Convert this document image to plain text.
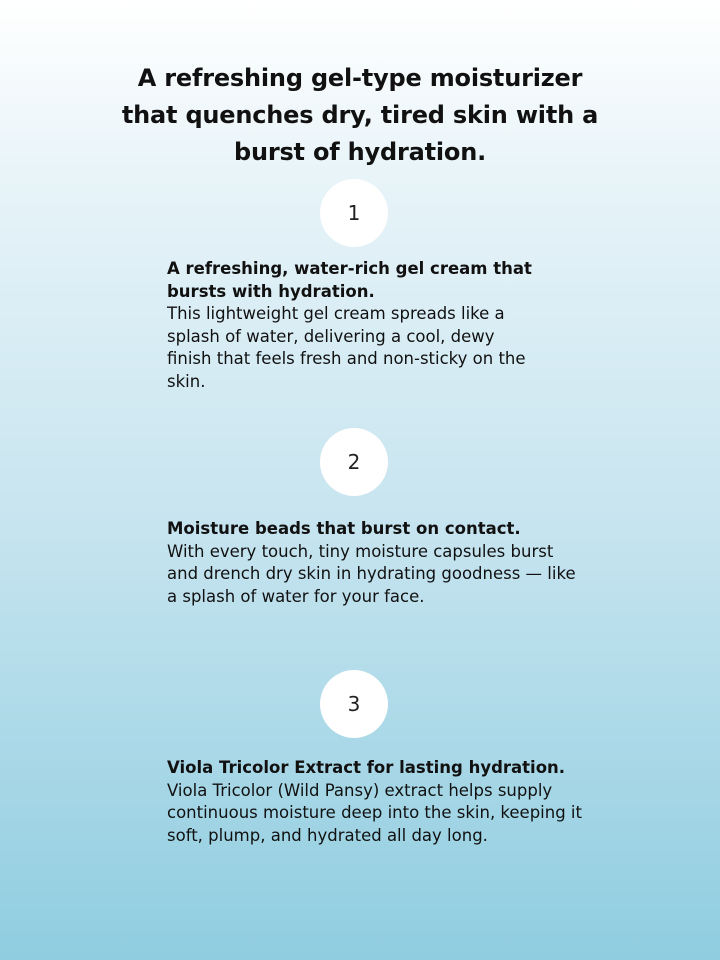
A refreshing gel-type moisturizer that quenches dry, tired skin with a burst of hydration.
1

A refreshing, water-rich gel cream that bursts with hydration.

This lightweight gel cream spreads like a splash of water, delivering a cool, dewy finish that feels fresh and non-sticky on the skin.

2

Moisture beads that burst on contact.

With every touch, tiny moisture capsules burst and drench dry skin in hydrating goodness — like a splash of water for your face.

3

Viola Tricolor Extract for lasting hydration.

Viola Tricolor (Wild Pansy) extract helps supply continuous moisture deep into the skin, keeping it soft, plump, and hydrated all day long.
